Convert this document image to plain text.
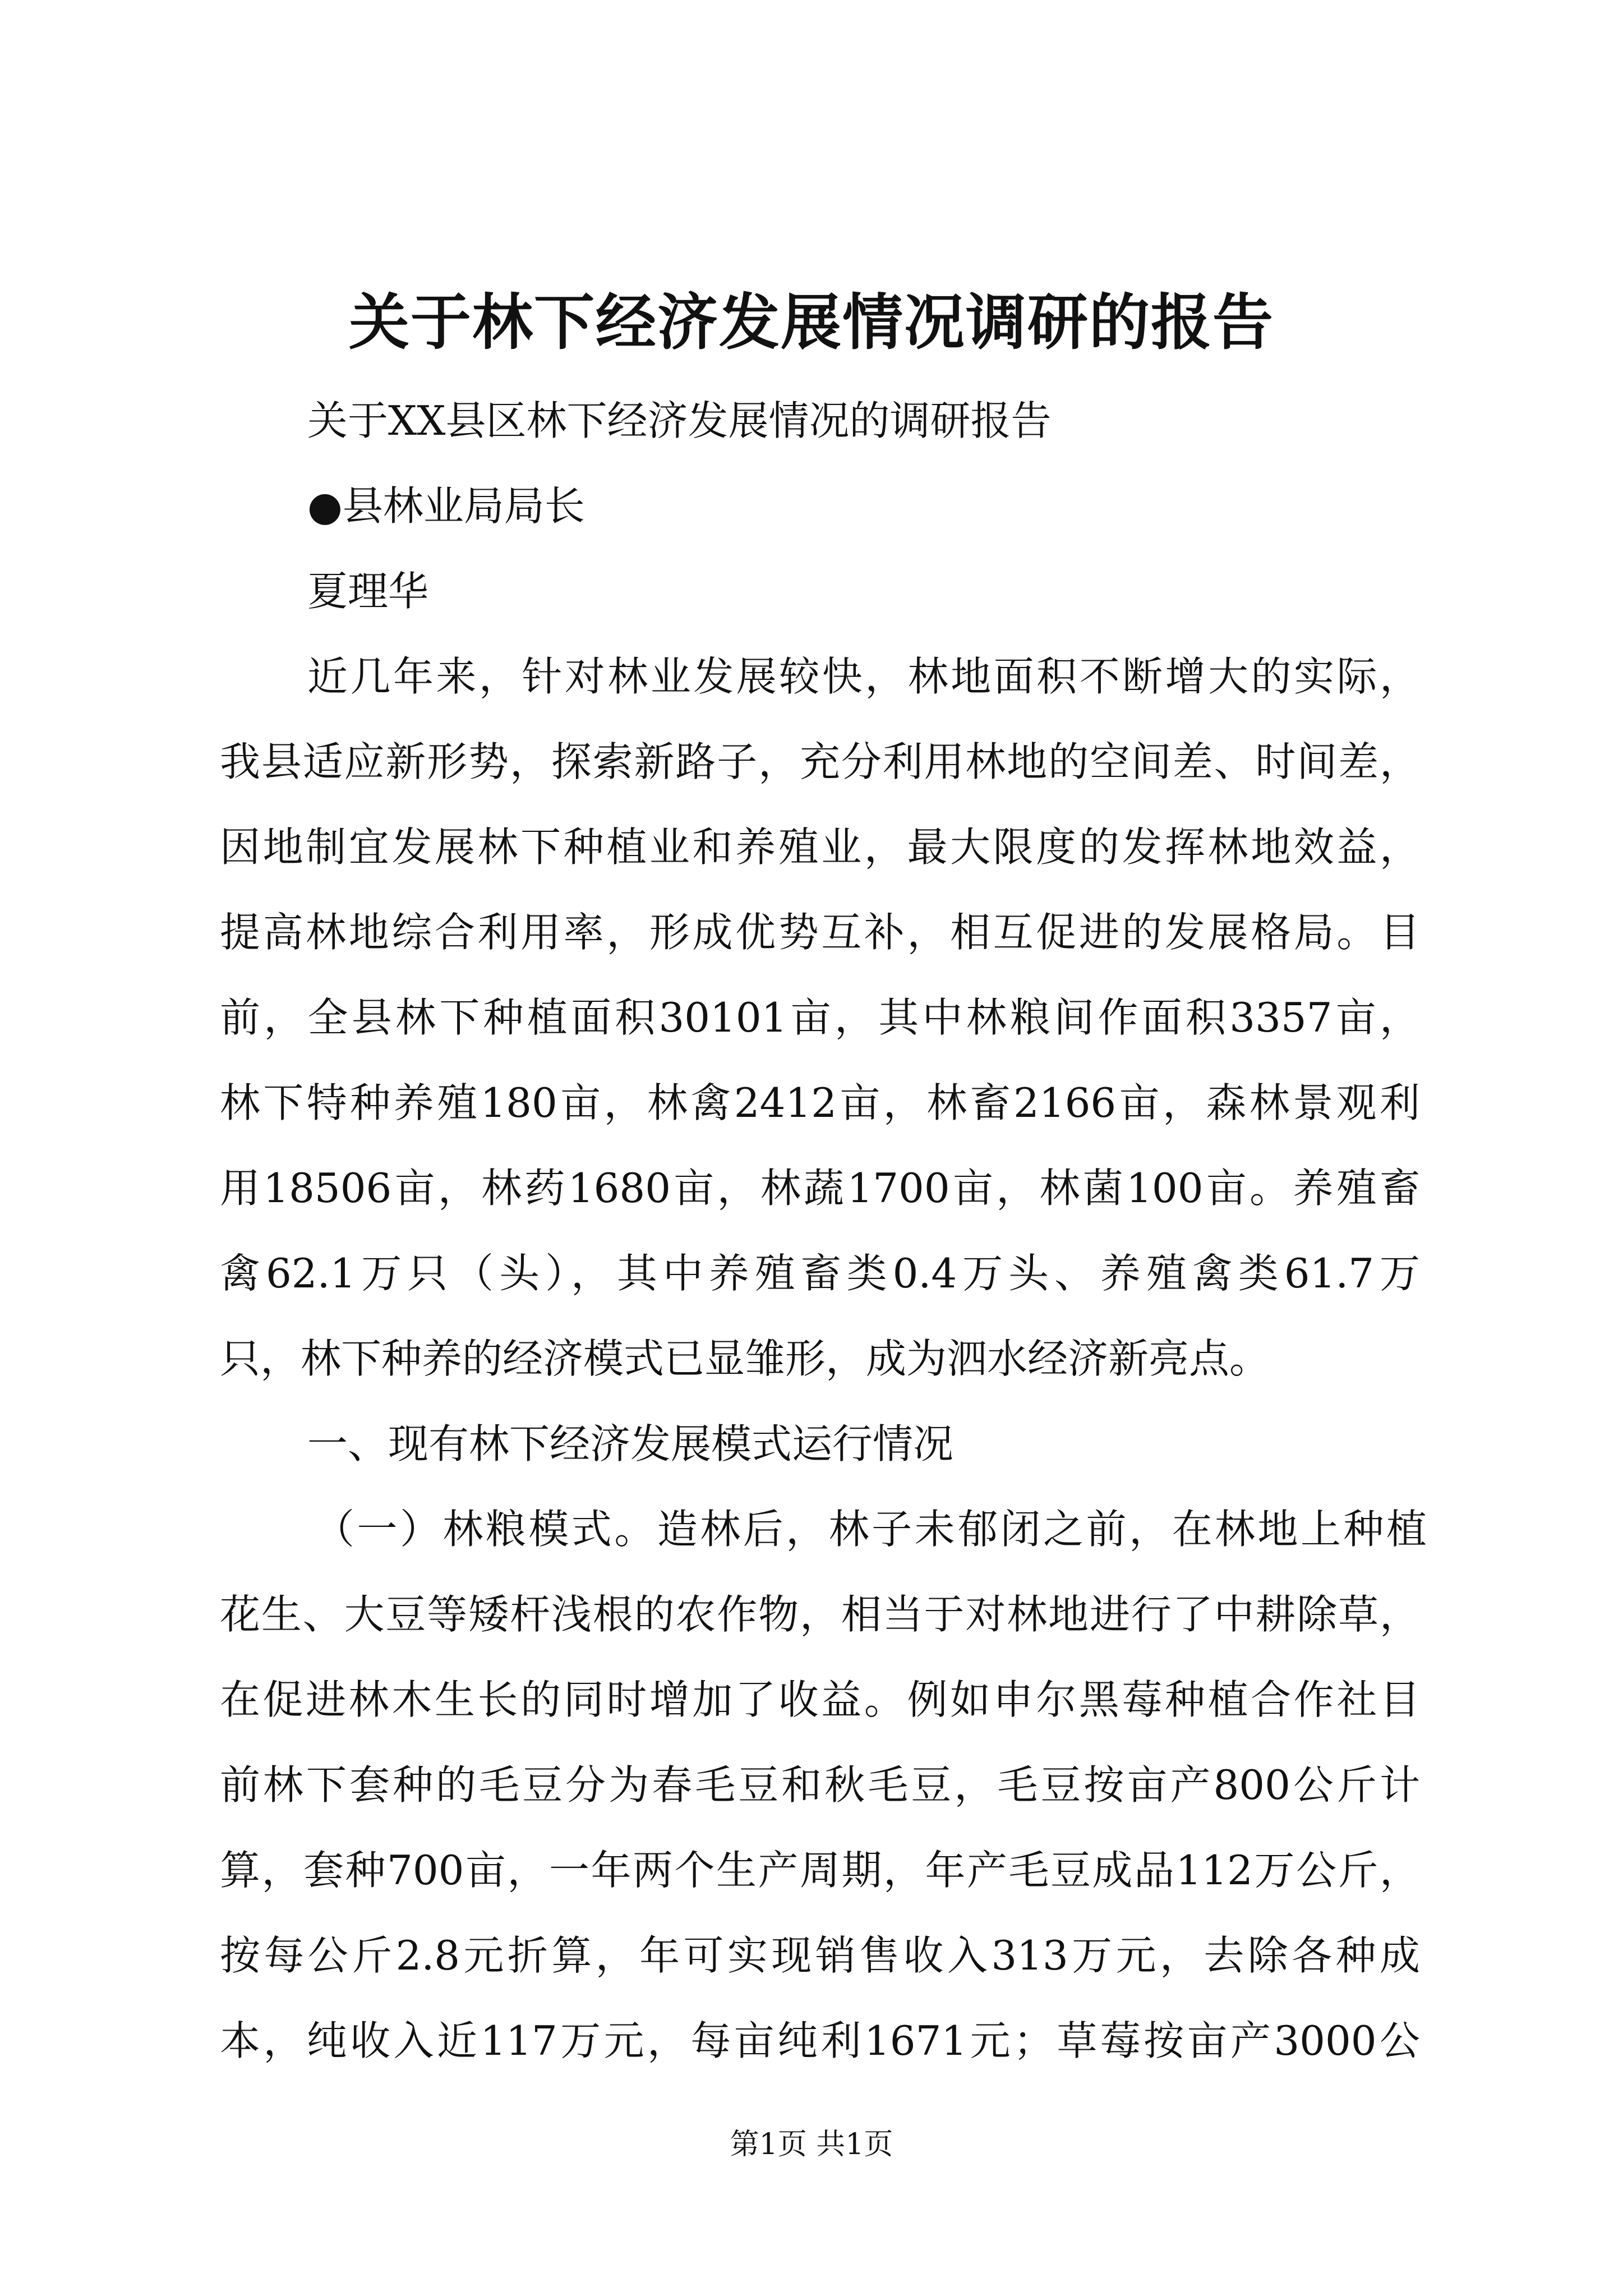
关于林下经济发展情况调研的报告
关于XX县区林下经济发展情况的调研报告
●县林业局局长
夏理华
近几年来，针对林业发展较快，林地面积不断增大的实际，
我县适应新形势，探索新路子，充分利用林地的空间差、时间差，
因地制宜发展林下种植业和养殖业，最大限度的发挥林地效益，
提高林地综合利用率，形成优势互补，相互促进的发展格局。目
前，全县林下种植面积30101亩，其中林粮间作面积3357亩，
林下特种养殖180亩，林禽2412亩，林畜2166亩，森林景观利
用18506亩，林药1680亩，林蔬1700亩，林菌100亩。养殖畜
禽62.1万只（头），其中养殖畜类0.4万头、养殖禽类61.7万
只，林下种养的经济模式已显雏形，成为泗水经济新亮点。
一、现有林下经济发展模式运行情况
（一）林粮模式。造林后，林子未郁闭之前，在林地上种植
花生、大豆等矮杆浅根的农作物，相当于对林地进行了中耕除草，
在促进林木生长的同时增加了收益。例如申尔黑莓种植合作社目
前林下套种的毛豆分为春毛豆和秋毛豆，毛豆按亩产800公斤计
算，套种700亩，一年两个生产周期，年产毛豆成品112万公斤，
按每公斤2.8元折算，年可实现销售收入313万元，去除各种成
本，纯收入近117万元，每亩纯利1671元；草莓按亩产3000公
第1页 共1页
